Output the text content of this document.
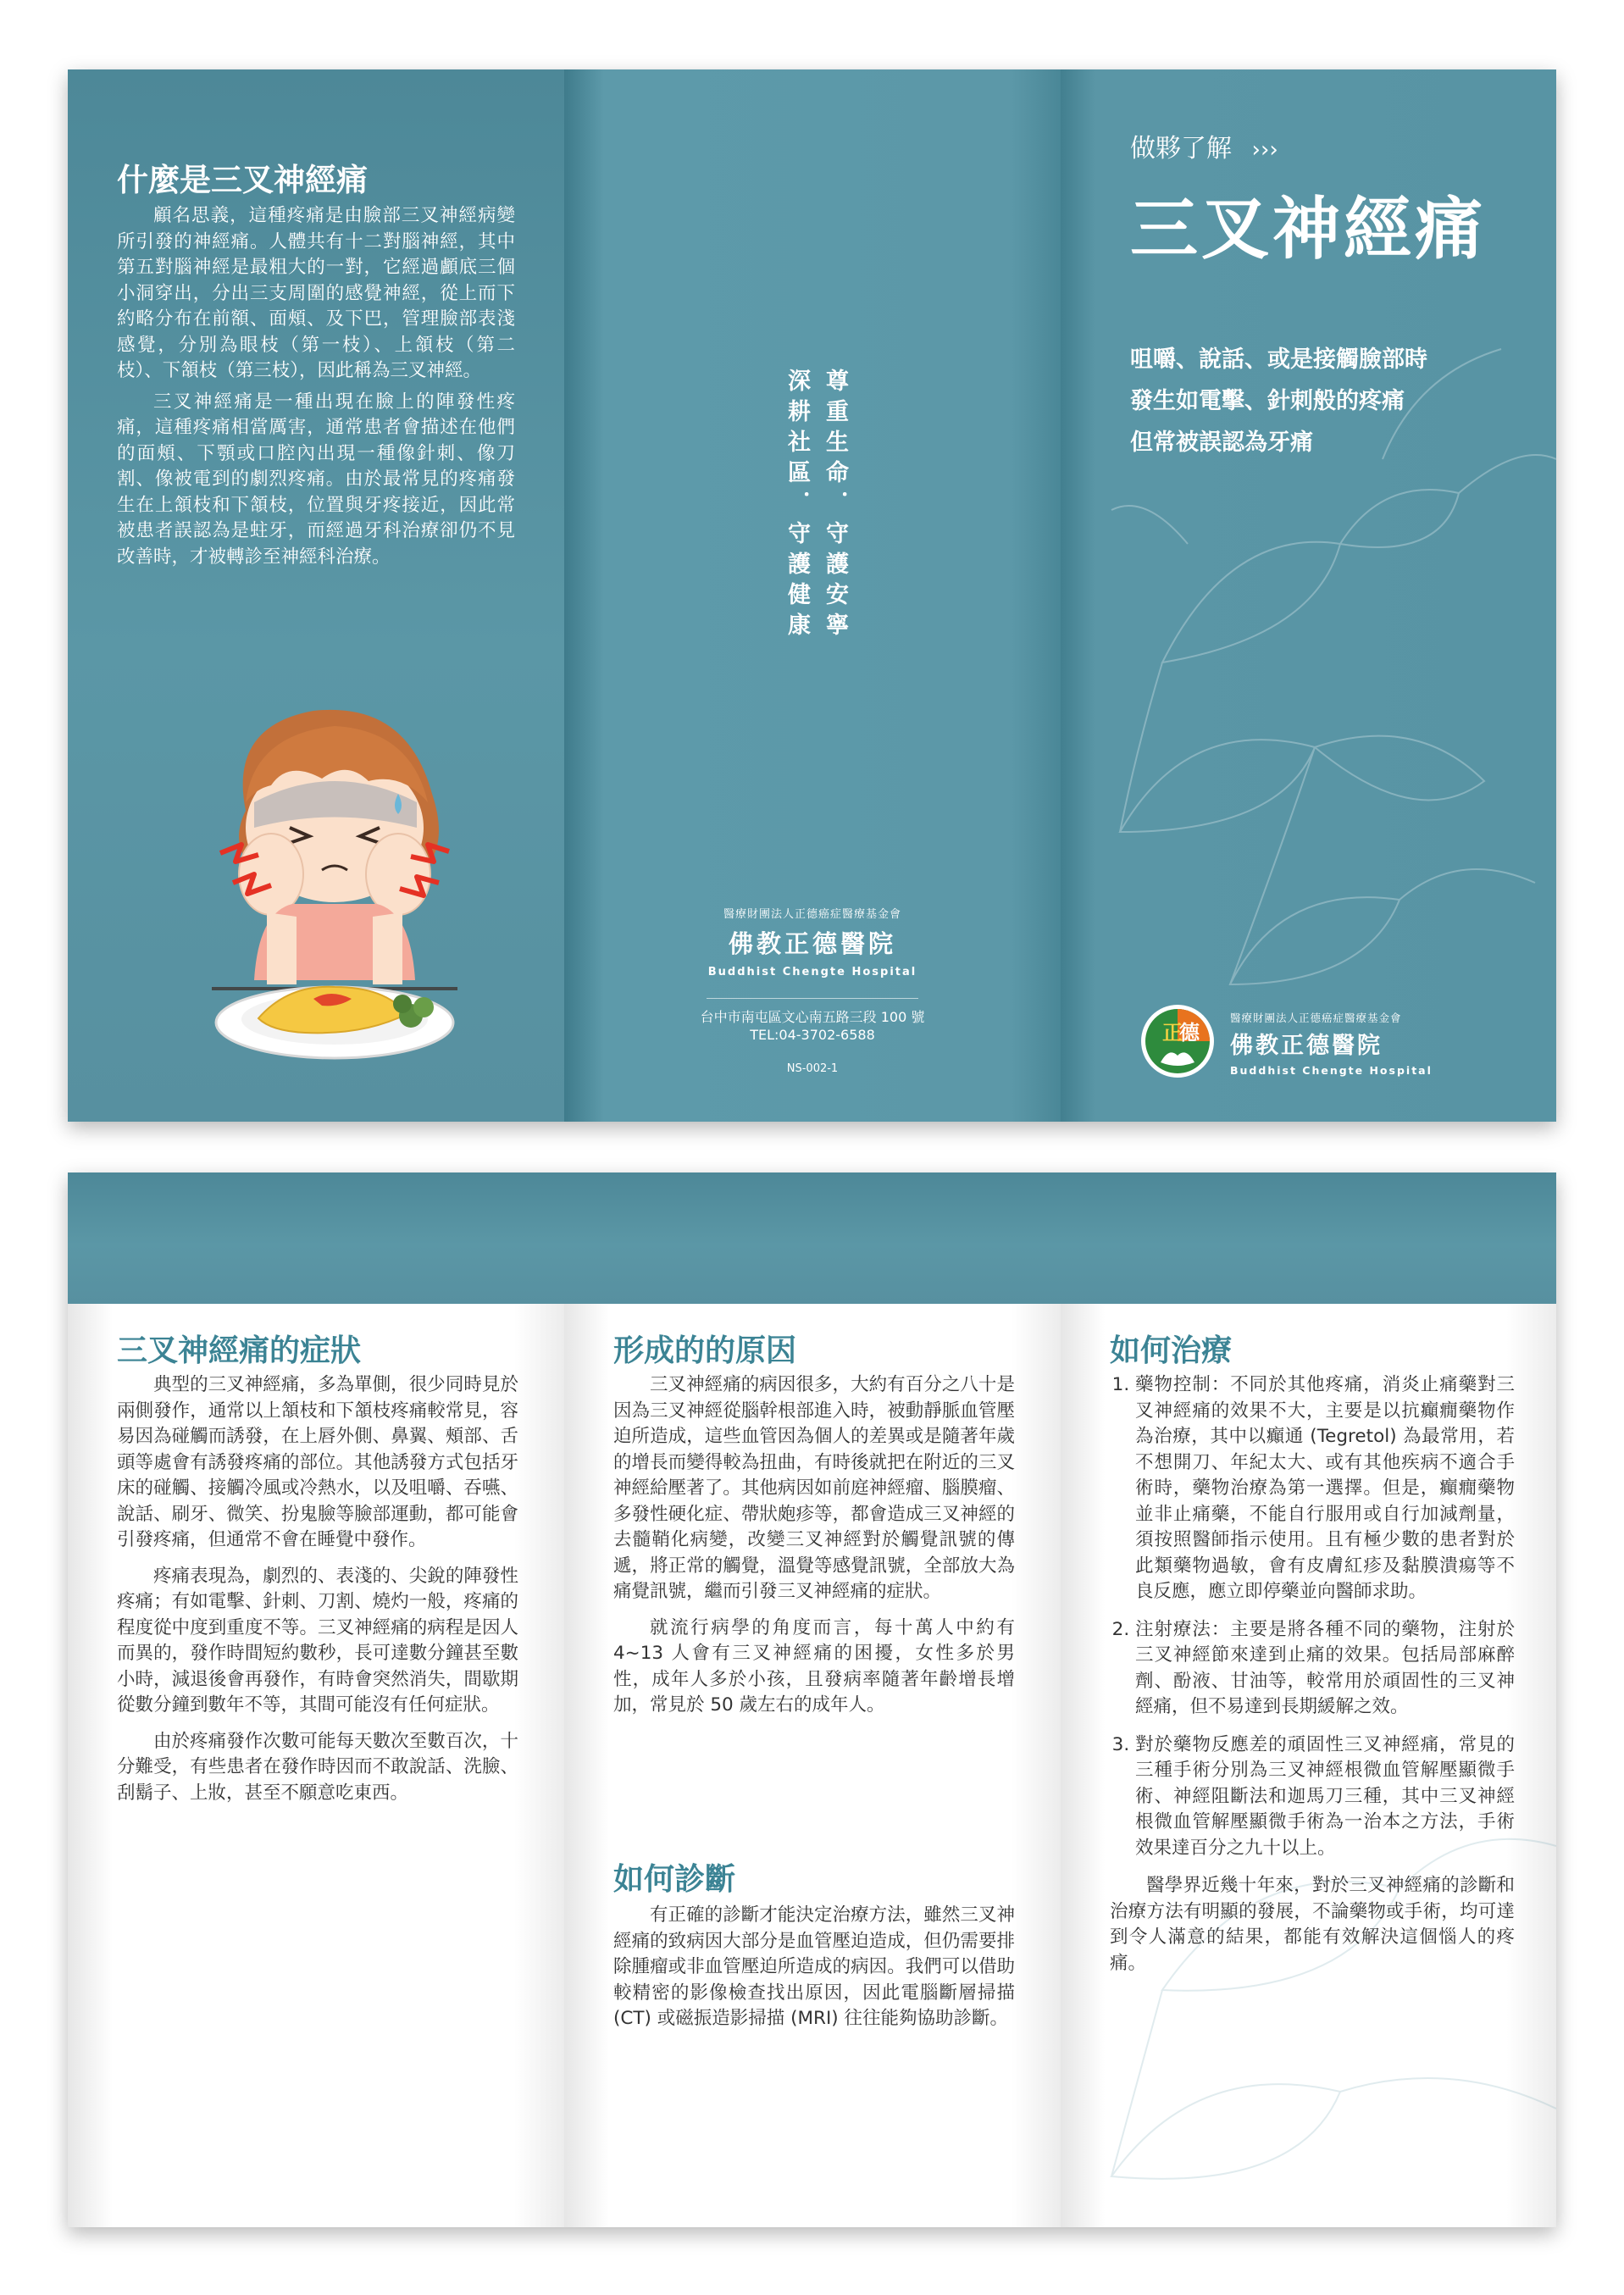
什麼是三叉神經痛

顧名思義，這種疼痛是由臉部三叉神經病變所引發的神經痛。人體共有十二對腦神經，其中第五對腦神經是最粗大的一對，它經過顱底三個小洞穿出，分出三支周圍的感覺神經，從上而下約略分布在前額、面頰、及下巴，管理臉部表淺感覺，分別為眼枝（第一枝）、上頷枝（第二枝）、下頷枝（第三枝），因此稱為三叉神經。

三叉神經痛是一種出現在臉上的陣發性疼痛，這種疼痛相當厲害，通常患者會描述在他們的面頰、下顎或口腔內出現一種像針刺、像刀割、像被電到的劇烈疼痛。由於最常見的疼痛發生在上頷枝和下頷枝，位置與牙疼接近，因此常被患者誤認為是蛀牙，而經過牙科治療卻仍不見改善時，才被轉診至神經科治療。	尊重生命．守護安寧
深耕社區．守護健康
醫療財團法人正德癌症醫療基金會
佛教正德醫院
Buddhist Chengte Hospital
台中市南屯區文心南五路三段 100 號
TEL:04-3702-6588
NS-002-1
做夥了解 ›››
三叉神經痛
咀嚼、說話、或是接觸臉部時
發生如電擊、針刺般的疼痛
但常被誤認為牙痛
正
德
醫療財團法人正德癌症醫療基金會
佛教正德醫院
Buddhist Chengte Hospital
三叉神經痛的症狀

典型的三叉神經痛，多為單側，很少同時見於兩側發作，通常以上頷枝和下頷枝疼痛較常見，容易因為碰觸而誘發，在上唇外側、鼻翼、頰部、舌頭等處會有誘發疼痛的部位。其他誘發方式包括牙床的碰觸、接觸冷風或冷熱水，以及咀嚼、吞嚥、說話、刷牙、微笑、扮鬼臉等臉部運動，都可能會引發疼痛，但通常不會在睡覺中發作。

疼痛表現為，劇烈的、表淺的、尖銳的陣發性疼痛；有如電擊、針刺、刀割、燒灼一般，疼痛的程度從中度到重度不等。三叉神經痛的病程是因人而異的，發作時間短約數秒，長可達數分鐘甚至數小時，減退後會再發作，有時會突然消失，間歇期從數分鐘到數年不等，其間可能沒有任何症狀。

由於疼痛發作次數可能每天數次至數百次，十分難受，有些患者在發作時因而不敢說話、洗臉、刮鬍子、上妝，甚至不願意吃東西。

形成的的原因

三叉神經痛的病因很多，大約有百分之八十是因為三叉神經從腦幹根部進入時，被動靜脈血管壓迫所造成，這些血管因為個人的差異或是隨著年歲的增長而變得較為扭曲，有時後就把在附近的三叉神經給壓著了。其他病因如前庭神經瘤、腦膜瘤、多發性硬化症、帶狀皰疹等，都會造成三叉神經的去髓鞘化病變，改變三叉神經對於觸覺訊號的傳遞，將正常的觸覺，溫覺等感覺訊號，全部放大為痛覺訊號，繼而引發三叉神經痛的症狀。

就流行病學的角度而言，每十萬人中約有 4~13 人會有三叉神經痛的困擾，女性多於男性，成年人多於小孩，且發病率隨著年齡增長增加，常見於 50 歲左右的成年人。

如何診斷

有正確的診斷才能決定治療方法，雖然三叉神經痛的致病因大部分是血管壓迫造成，但仍需要排除腫瘤或非血管壓迫所造成的病因。我們可以借助較精密的影像檢查找出原因，因此電腦斷層掃描 (CT) 或磁振造影掃描 (MRI) 往往能夠協助診斷。

如何治療
1. 藥物控制：不同於其他疼痛，消炎止痛藥對三叉神經痛的效果不大，主要是以抗癲癇藥物作為治療，其中以癲通 (Tegretol) 為最常用，若不想開刀、年紀太大、或有其他疾病不適合手術時，藥物治療為第一選擇。但是，癲癇藥物並非止痛藥，不能自行服用或自行加減劑量，須按照醫師指示使用。且有極少數的患者對於此類藥物過敏，會有皮膚紅疹及黏膜潰瘍等不良反應，應立即停藥並向醫師求助。
2. 注射療法：主要是將各種不同的藥物，注射於三叉神經節來達到止痛的效果。包括局部麻醉劑、酚液、甘油等，較常用於頑固性的三叉神經痛，但不易達到長期緩解之效。
3. 對於藥物反應差的頑固性三叉神經痛，常見的三種手術分別為三叉神經根微血管解壓顯微手術、神經阻斷法和迦馬刀三種，其中三叉神經根微血管解壓顯微手術為一治本之方法，手術效果達百分之九十以上。

醫學界近幾十年來，對於三叉神經痛的診斷和治療方法有明顯的發展，不論藥物或手術，均可達到令人滿意的結果，都能有效解決這個惱人的疼痛。
